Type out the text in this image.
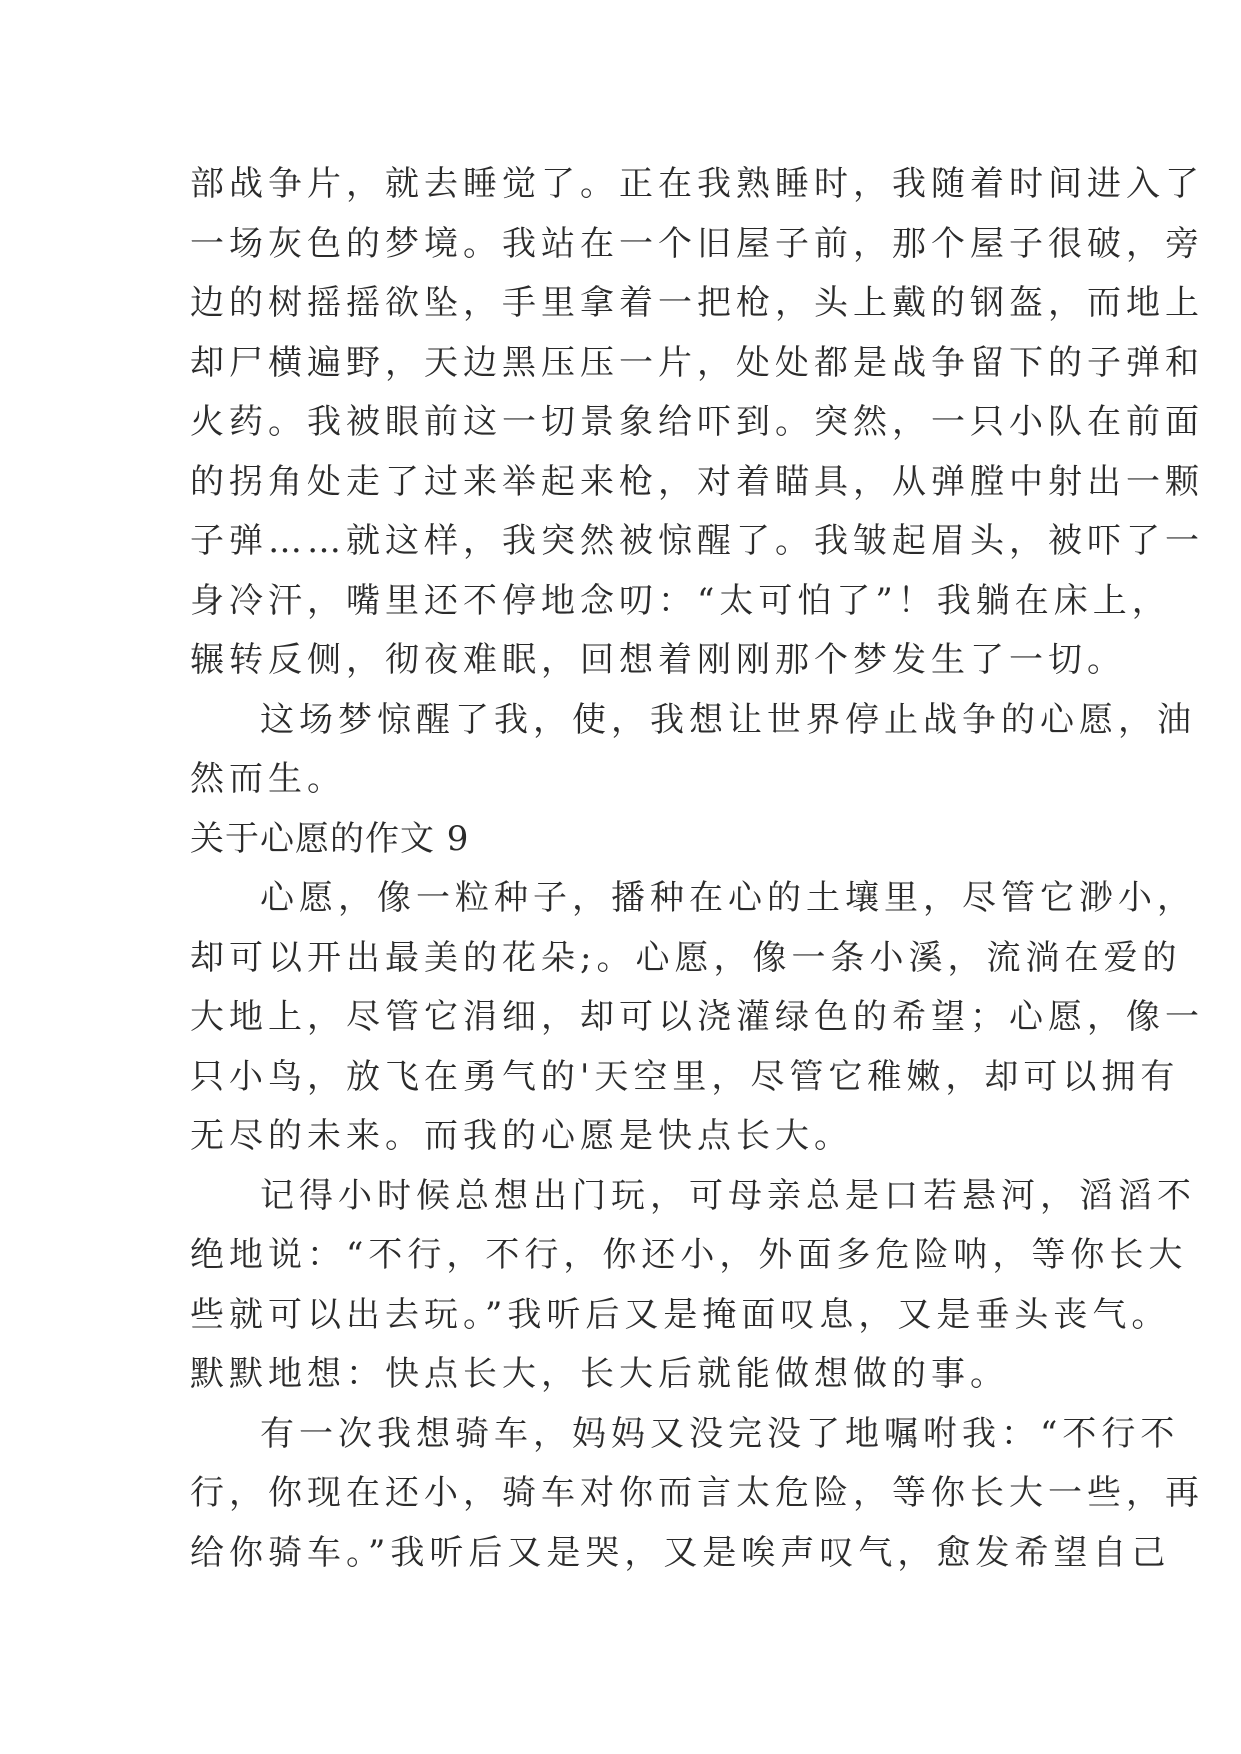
部战争片，就去睡觉了。正在我熟睡时，我随着时间进入了
一场灰色的梦境。我站在一个旧屋子前，那个屋子很破，旁
边的树摇摇欲坠，手里拿着一把枪，头上戴的钢盔，而地上
却尸横遍野，天边黑压压一片，处处都是战争留下的子弹和
火药。我被眼前这一切景象给吓到。突然，一只小队在前面
的拐角处走了过来举起来枪，对着瞄具，从弹膛中射出一颗
子弹……就这样，我突然被惊醒了。我皱起眉头，被吓了一
身冷汗，嘴里还不停地念叨：“太可怕了”！我躺在床上，
辗转反侧，彻夜难眠，回想着刚刚那个梦发生了一切。
这场梦惊醒了我，使，我想让世界停止战争的心愿，油
然而生。
关于心愿的作文 9
心愿，像一粒种子，播种在心的土壤里，尽管它渺小，
却可以开出最美的花朵;。心愿，像一条小溪，流淌在爱的
大地上，尽管它涓细，却可以浇灌绿色的希望；心愿，像一
只小鸟，放飞在勇气的'天空里，尽管它稚嫩，却可以拥有
无尽的未来。而我的心愿是快点长大。
记得小时候总想出门玩，可母亲总是口若悬河，滔滔不
绝地说：“不行，不行，你还小，外面多危险呐，等你长大
些就可以出去玩。”我听后又是掩面叹息，又是垂头丧气。
默默地想：快点长大，长大后就能做想做的事。
有一次我想骑车，妈妈又没完没了地嘱咐我：“不行不
行，你现在还小，骑车对你而言太危险，等你长大一些，再
给你骑车。”我听后又是哭，又是唉声叹气，愈发希望自己
